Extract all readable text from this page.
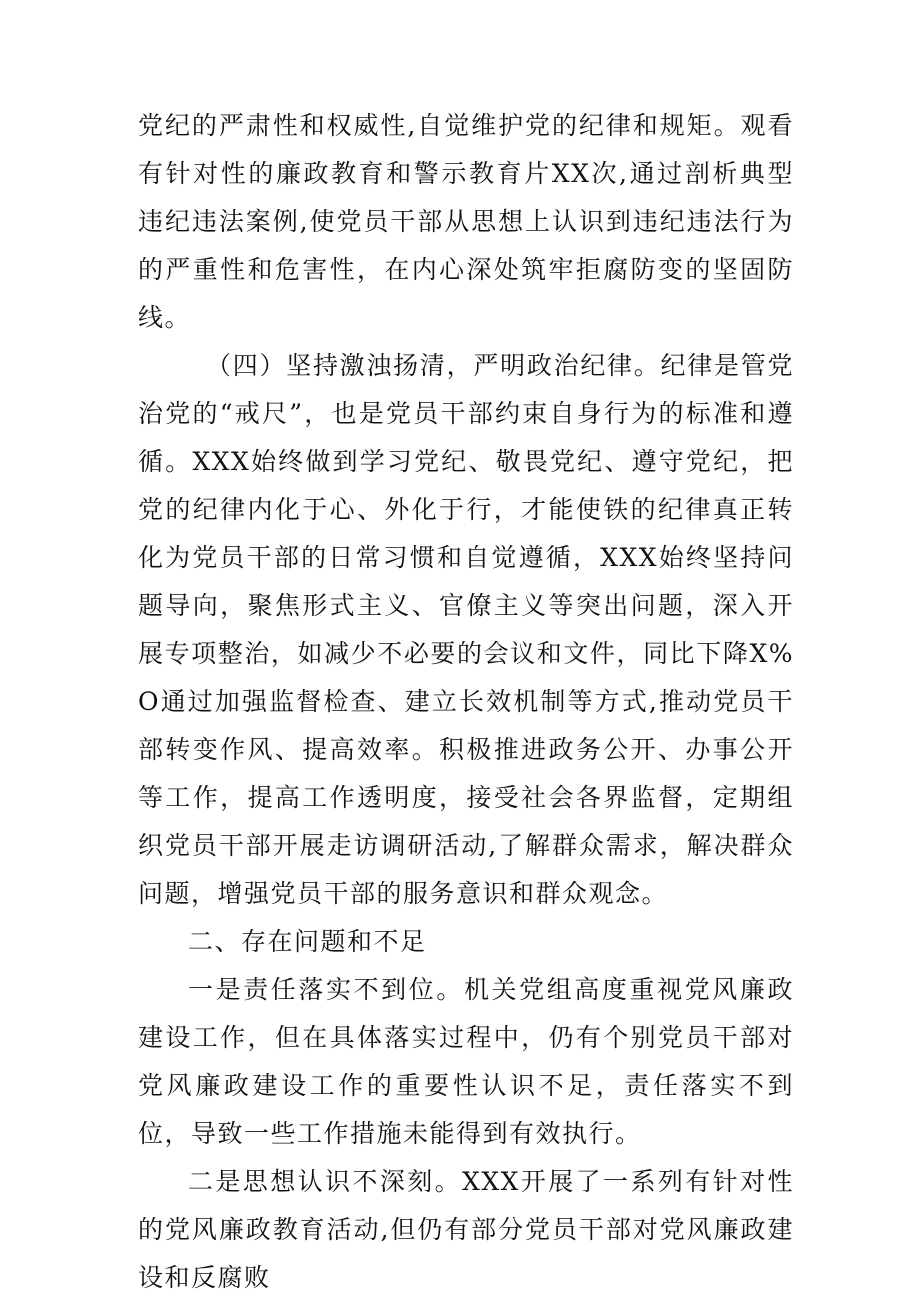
党纪的严肃性和权威性,自觉维护党的纪律和规矩。观看有针对性的廉政教育和警示教育片XX次,通过剖析典型违纪违法案例,使党员干部从思想上认识到违纪违法行为的严重性和危害性，在内心深处筑牢拒腐防变的坚固防线。

（四）坚持激浊扬清，严明政治纪律。纪律是管党治党的“戒尺”，也是党员干部约束自身行为的标准和遵循。XXX始终做到学习党纪、敬畏党纪、遵守党纪，把党的纪律内化于心、外化于行，才能使铁的纪律真正转化为党员干部的日常习惯和自觉遵循，XXX始终坚持问题导向，聚焦形式主义、官僚主义等突出问题，深入开展专项整治，如减少不必要的会议和文件，同比下降X%O通过加强监督检查、建立长效机制等方式,推动党员干部转变作风、提高效率。积极推进政务公开、办事公开等工作，提高工作透明度，接受社会各界监督，定期组织党员干部开展走访调研活动,了解群众需求，解决群众问题，增强党员干部的服务意识和群众观念。

二、存在问题和不足

一是责任落实不到位。机关党组高度重视党风廉政建设工作，但在具体落实过程中，仍有个别党员干部对党风廉政建设工作的重要性认识不足，责任落实不到位，导致一些工作措施未能得到有效执行。

二是思想认识不深刻。XXX开展了一系列有针对性的党风廉政教育活动,但仍有部分党员干部对党风廉政建设和反腐败
